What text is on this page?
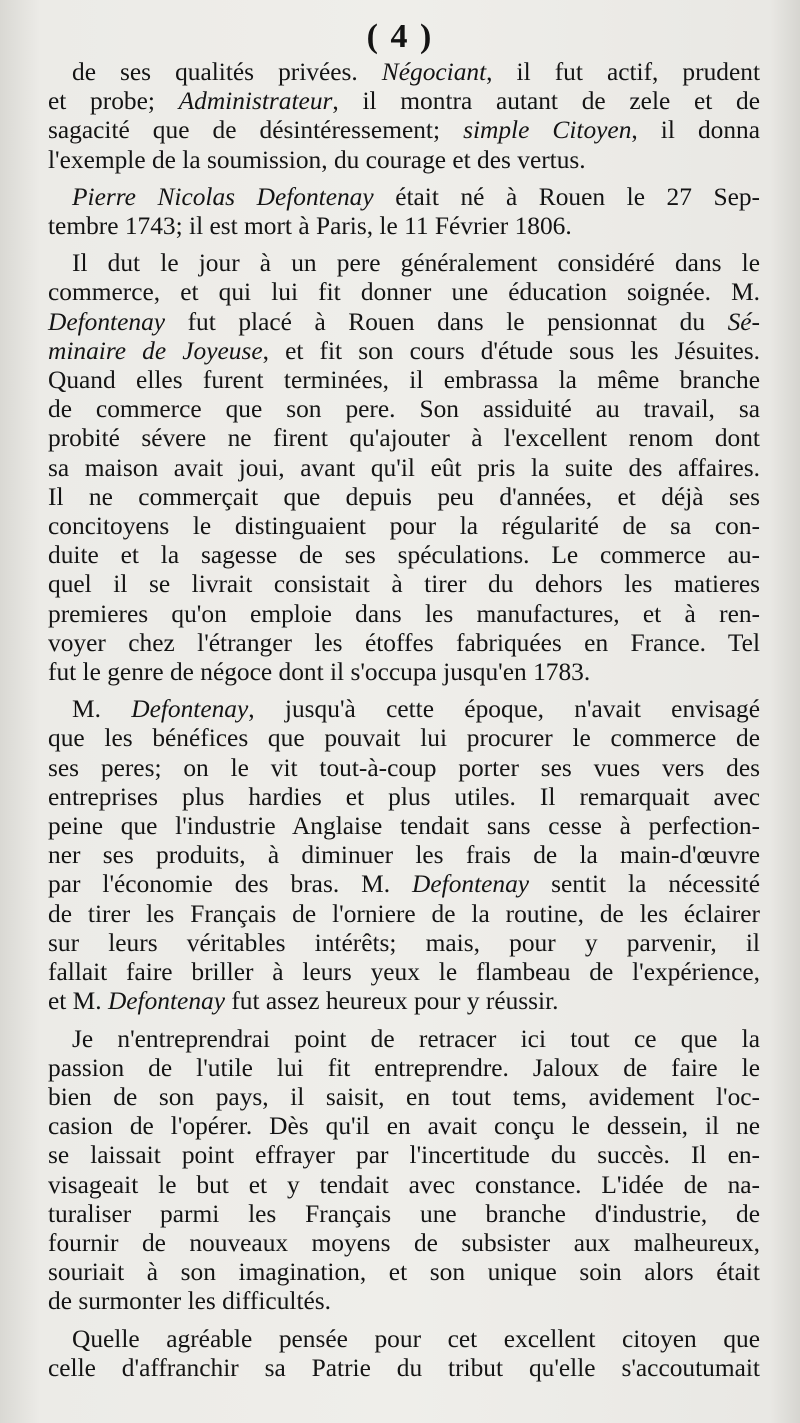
( 4 )
de ses qualités privées. Négociant, il fut actif, prudent
et probe; Administrateur, il montra autant de zele et de
sagacité que de désintéressement; simple Citoyen, il donna
l'exemple de la soumission, du courage et des vertus.
Pierre Nicolas Defontenay était né à Rouen le 27 Sep-
tembre 1743; il est mort à Paris, le 11 Février 1806.
Il dut le jour à un pere généralement considéré dans le
commerce, et qui lui fit donner une éducation soignée. M.
Defontenay fut placé à Rouen dans le pensionnat du Sé-
minaire de Joyeuse, et fit son cours d'étude sous les Jésuites.
Quand elles furent terminées, il embrassa la même branche
de commerce que son pere. Son assiduité au travail, sa
probité sévere ne firent qu'ajouter à l'excellent renom dont
sa maison avait joui, avant qu'il eût pris la suite des affaires.
Il ne commerçait que depuis peu d'années, et déjà ses
concitoyens le distinguaient pour la régularité de sa con-
duite et la sagesse de ses spéculations. Le commerce au-
quel il se livrait consistait à tirer du dehors les matieres
premieres qu'on emploie dans les manufactures, et à ren-
voyer chez l'étranger les étoffes fabriquées en France. Tel
fut le genre de négoce dont il s'occupa jusqu'en 1783.
M. Defontenay, jusqu'à cette époque, n'avait envisagé
que les bénéfices que pouvait lui procurer le commerce de
ses peres; on le vit tout-à-coup porter ses vues vers des
entreprises plus hardies et plus utiles. Il remarquait avec
peine que l'industrie Anglaise tendait sans cesse à perfection-
ner ses produits, à diminuer les frais de la main-d'œuvre
par l'économie des bras. M. Defontenay sentit la nécessité
de tirer les Français de l'orniere de la routine, de les éclairer
sur leurs véritables intérêts; mais, pour y parvenir, il
fallait faire briller à leurs yeux le flambeau de l'expérience,
et M. Defontenay fut assez heureux pour y réussir.
Je n'entreprendrai point de retracer ici tout ce que la
passion de l'utile lui fit entreprendre. Jaloux de faire le
bien de son pays, il saisit, en tout tems, avidement l'oc-
casion de l'opérer. Dès qu'il en avait conçu le dessein, il ne
se laissait point effrayer par l'incertitude du succès. Il en-
visageait le but et y tendait avec constance. L'idée de na-
turaliser parmi les Français une branche d'industrie, de
fournir de nouveaux moyens de subsister aux malheureux,
souriait à son imagination, et son unique soin alors était
de surmonter les difficultés.
Quelle agréable pensée pour cet excellent citoyen que
celle d'affranchir sa Patrie du tribut qu'elle s'accoutumait
